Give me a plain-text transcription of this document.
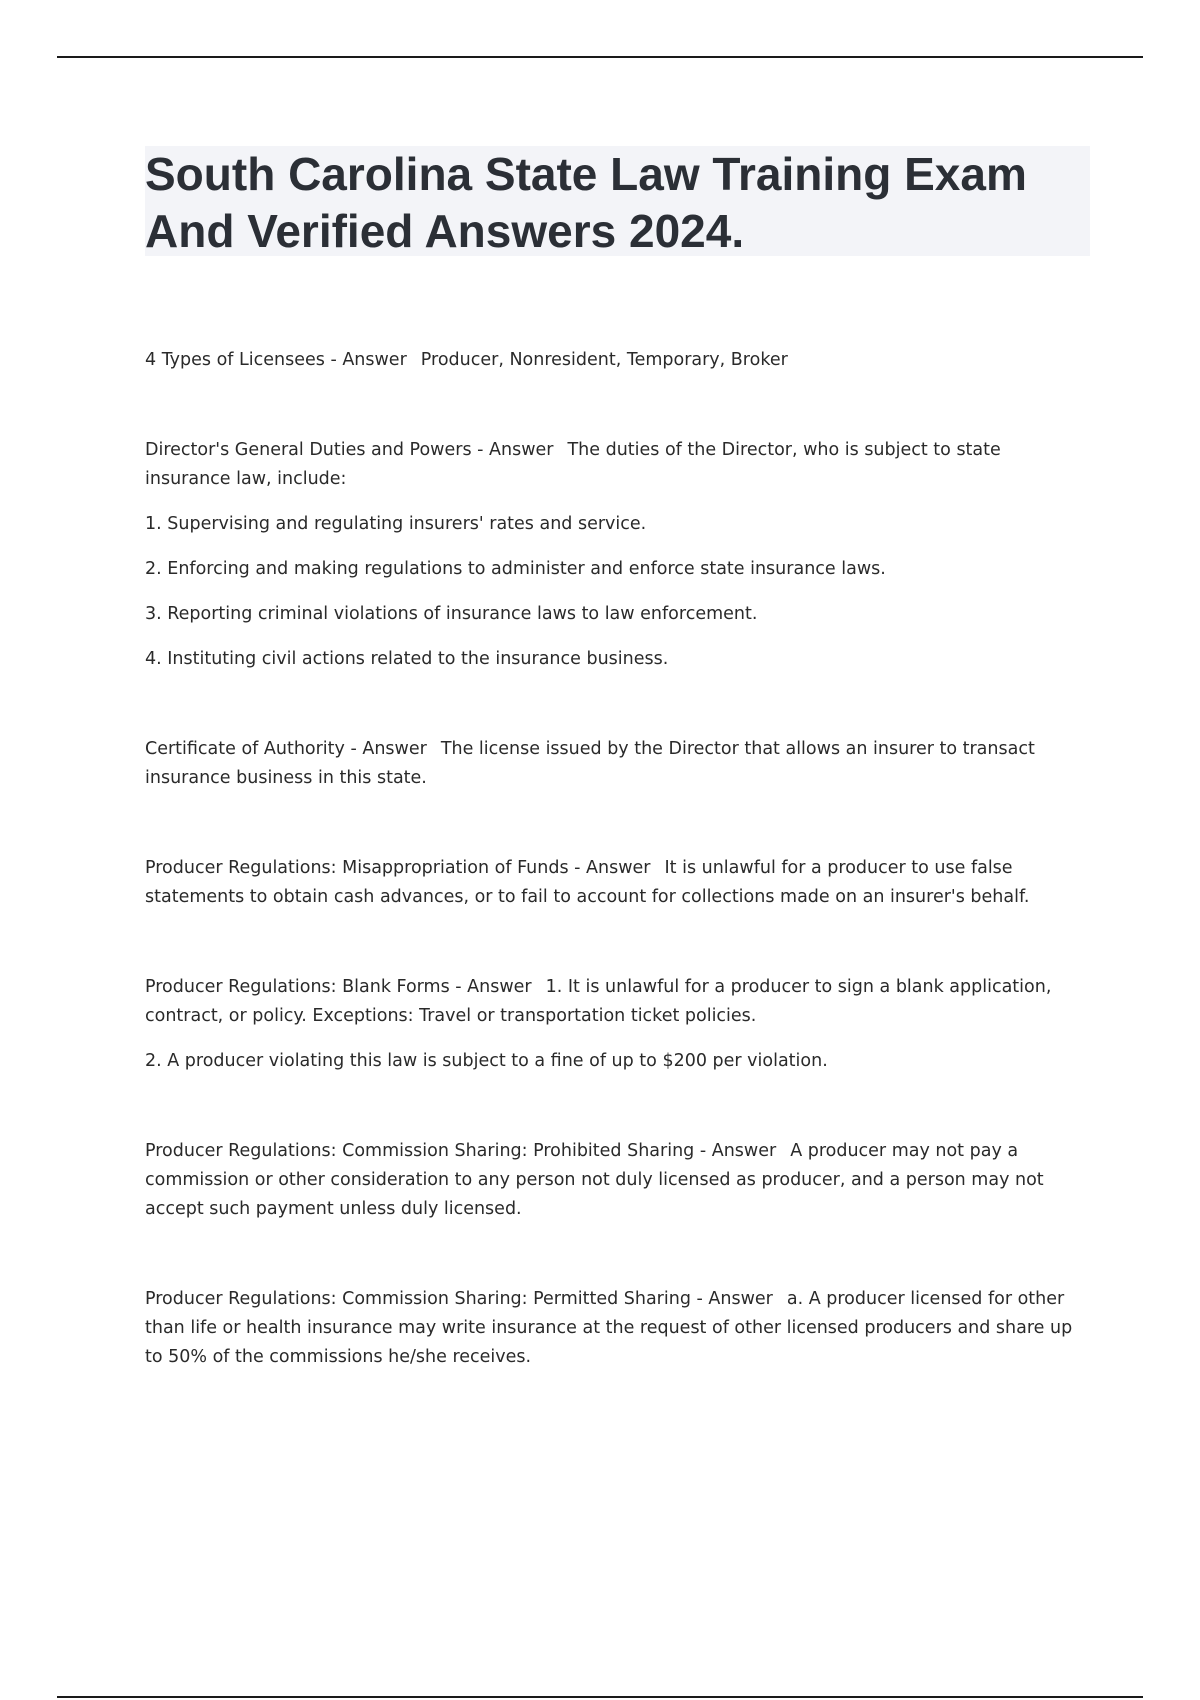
South Carolina State Law Training Exam
And Verified Answers 2024.

4 Types of Licensees - Answer Producer, Nonresident, Temporary, Broker

Director's General Duties and Powers - Answer The duties of the Director, who is subject to state insurance law, include:

1. Supervising and regulating insurers' rates and service.

2. Enforcing and making regulations to administer and enforce state insurance laws.

3. Reporting criminal violations of insurance laws to law enforcement.

4. Instituting civil actions related to the insurance business.

Certificate of Authority - Answer The license issued by the Director that allows an insurer to transact insurance business in this state.

Producer Regulations: Misappropriation of Funds - Answer It is unlawful for a producer to use false statements to obtain cash advances, or to fail to account for collections made on an insurer's behalf.

Producer Regulations: Blank Forms - Answer 1. It is unlawful for a producer to sign a blank application, contract, or policy. Exceptions: Travel or transportation ticket policies.

2. A producer violating this law is subject to a fine of up to $200 per violation.

Producer Regulations: Commission Sharing: Prohibited Sharing - Answer A producer may not pay a commission or other consideration to any person not duly licensed as producer, and a person may not accept such payment unless duly licensed.

Producer Regulations: Commission Sharing: Permitted Sharing - Answer a. A producer licensed for other than life or health insurance may write insurance at the request of other licensed producers and share up to 50% of the commissions he/she receives.
